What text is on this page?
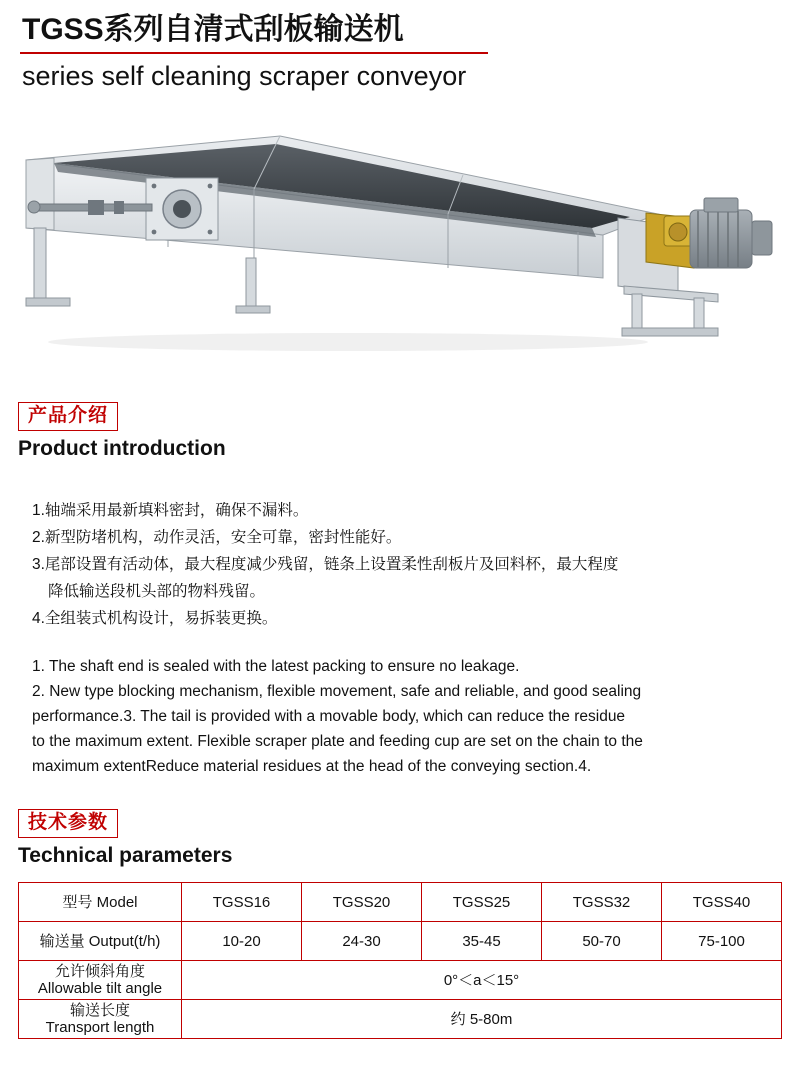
TGSS系列自清式刮板输送机
series self cleaning scraper conveyor
产品介绍
Product introduction
1.轴端采用最新填料密封，确保不漏料。
2.新型防堵机构，动作灵活，安全可靠，密封性能好。
3.尾部设置有活动体，最大程度减少残留，链条上设置柔性刮板片及回料杯，最大程度
降低输送段机头部的物料残留。
4.全组装式机构设计，易拆装更换。
1. The shaft end is sealed with the latest packing to ensure no leakage.
2. New type blocking mechanism, flexible movement, safe and reliable, and good sealing
performance.3. The tail is provided with a movable body, which can reduce the residue
to the maximum extent. Flexible scraper plate and feeding cup are set on the chain to the
maximum extentReduce material residues at the head of the conveying section.4.
技术参数
Technical parameters
型号 Model	TGSS16	TGSS20	TGSS25	TGSS32	TGSS40
输送量 Output(t/h)	10-20	24-30	35-45	50-70	75-100

允许倾斜角度
Allowable tilt angle	0°＜a＜15°				

输送长度
Transport length	约 5-80m				
